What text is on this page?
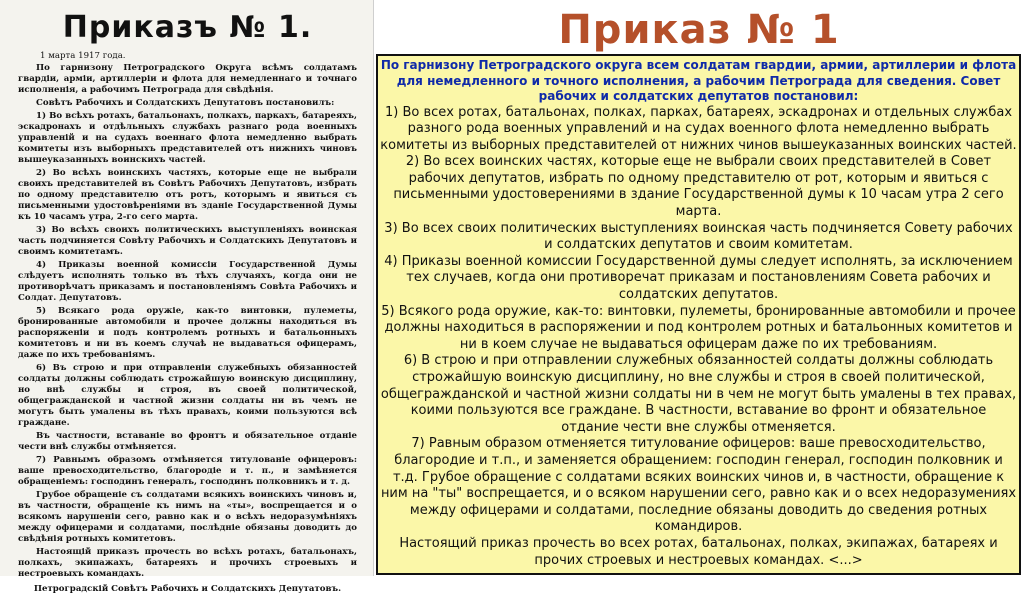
Приказъ № 1.
1 марта 1917 года.

По гарнизону Петроградского Округа всѣмъ солдатамъ гвардіи, арміи, артиллеріи и флота для немедленнаго и точнаго исполненія, а рабочимъ Петрограда для свѣдѣнія.

Совѣтъ Рабочихъ и Солдатскихъ Депутатовъ постановилъ:

1) Во всѣхъ ротахъ, батальонахъ, полкахъ, паркахъ, батареяхъ, эскадронахъ и отдѣльныхъ службахъ разнаго рода военныхъ управленій и на судахъ военнаго флота немедленно выбрать комитеты изъ выборныхъ представителей отъ нижнихъ чиновъ вышеуказанныхъ воинскихъ частей.

2) Во всѣхъ воинскихъ частяхъ, которые еще не выбрали своихъ представителей въ Совѣтъ Рабочихъ Депутатовъ, избрать по одному представителю отъ ротъ, которымъ и явиться съ письменными удостовѣреніями въ зданіе Государственной Думы къ 10 часамъ утра, 2-го сего марта.

3) Во всѣхъ своихъ политическихъ выступленіяхъ воинская часть подчиняется Совѣту Рабочихъ и Солдатскихъ Депутатовъ и своимъ комитетамъ.

4) Приказы военной комиссіи Государственной Думы слѣдуетъ исполнять только въ тѣхъ случаяхъ, когда они не противорѣчатъ приказамъ и постановленіямъ Совѣта Рабочихъ и Солдат. Депутатовъ.

5) Всякаго рода оружіе, как-то винтовки, пулеметы, бронированные автомобили и прочее должны находиться въ распоряженіи и подъ контролемъ ротныхъ и батальонныхъ комитетовъ и ни въ коемъ случаѣ не выдаваться офицерамъ, даже по ихъ требованіямъ.

6) Въ строю и при отправленіи служебныхъ обязанностей солдаты должны соблюдать строжайшую воинскую дисциплину, но внѣ службы и строя, въ своей политической, общегражданской и частной жизни солдаты ни въ чемъ не могутъ быть умалены въ тѣхъ правахъ, коими пользуются всѣ граждане.

Въ частности, вставаніе во фронтъ и обязательное отданіе чести внѣ службы отмѣняется.

7) Равнымъ образомъ отмѣняется титулованіе офицеровъ: ваше превосходительство, благородіе и т. п., и замѣняется обращеніемъ: господинъ генералъ, господинъ полковникъ и т. д.

Грубое обращеніе съ солдатами всякихъ воинскихъ чиновъ и, въ частности, обращеніе къ нимъ на «ты», воспрещается и о всякомъ нарушеніи сего, равно как и о всѣхъ недоразумѣніяхъ между офицерами и солдатами, послѣдніе обязаны доводить до свѣдѣнія ротныхъ комитетовъ.

Настоящій приказъ прочесть во всѣхъ ротахъ, батальонахъ, полкахъ, экипажахъ, батареяхъ и прочихъ строевыхъ и нестроевыхъ командахъ.

Петроградскій Совѣтъ Рабочихъ и Солдатскихъ Депутатовъ.
Приказ № 1

По гарнизону Петроградского округа всем солдатам гвардии, армии, артиллерии и флота для немедленного и точного исполнения, а рабочим Петрограда для сведения. Совет рабочих и солдатских депутатов постановил:

1) Во всех ротах, батальонах, полках, парках, батареях, эскадронах и отдельных службах разного рода военных управлений и на судах военного флота немедленно выбрать комитеты из выборных представителей от нижних чинов вышеуказанных воинских частей.

2) Во всех воинских частях, которые еще не выбрали своих представителей в Совет рабочих депутатов, избрать по одному представителю от рот, которым и явиться с письменными удостоверениями в здание Государственной думы к 10 часам утра 2 сего марта.

3) Во всех своих политических выступлениях воинская часть подчиняется Совету рабочих и солдатских депутатов и своим комитетам.

4) Приказы военной комиссии Государственной думы следует исполнять, за исключением тех случаев, когда они противоречат приказам и постановлениям Совета рабочих и солдатских депутатов.

5) Всякого рода оружие, как-то: винтовки, пулеметы, бронированные автомобили и прочее должны находиться в распоряжении и под контролем ротных и батальонных комитетов и ни в коем случае не выдаваться офицерам даже по их требованиям.

6) В строю и при отправлении служебных обязанностей солдаты должны соблюдать строжайшую воинскую дисциплину, но вне службы и строя в своей политической, общегражданской и частной жизни солдаты ни в чем не могут быть умалены в тех правах, коими пользуются все граждане. В частности, вставание во фронт и обязательное отдание чести вне службы отменяется.

7) Равным образом отменяется титулование офицеров: ваше превосходительство, благородие и т.п., и заменяется обращением: господин генерал, господин полковник и т.д. Грубое обращение с солдатами всяких воинских чинов и, в частности, обращение к ним на "ты" воспрещается, и о всяком нарушении сего, равно как и о всех недоразумениях между офицерами и солдатами, последние обязаны доводить до сведения ротных командиров.

Настоящий приказ прочесть во всех ротах, батальонах, полках, экипажах, батареях и прочих строевых и нестроевых командах. <...>
